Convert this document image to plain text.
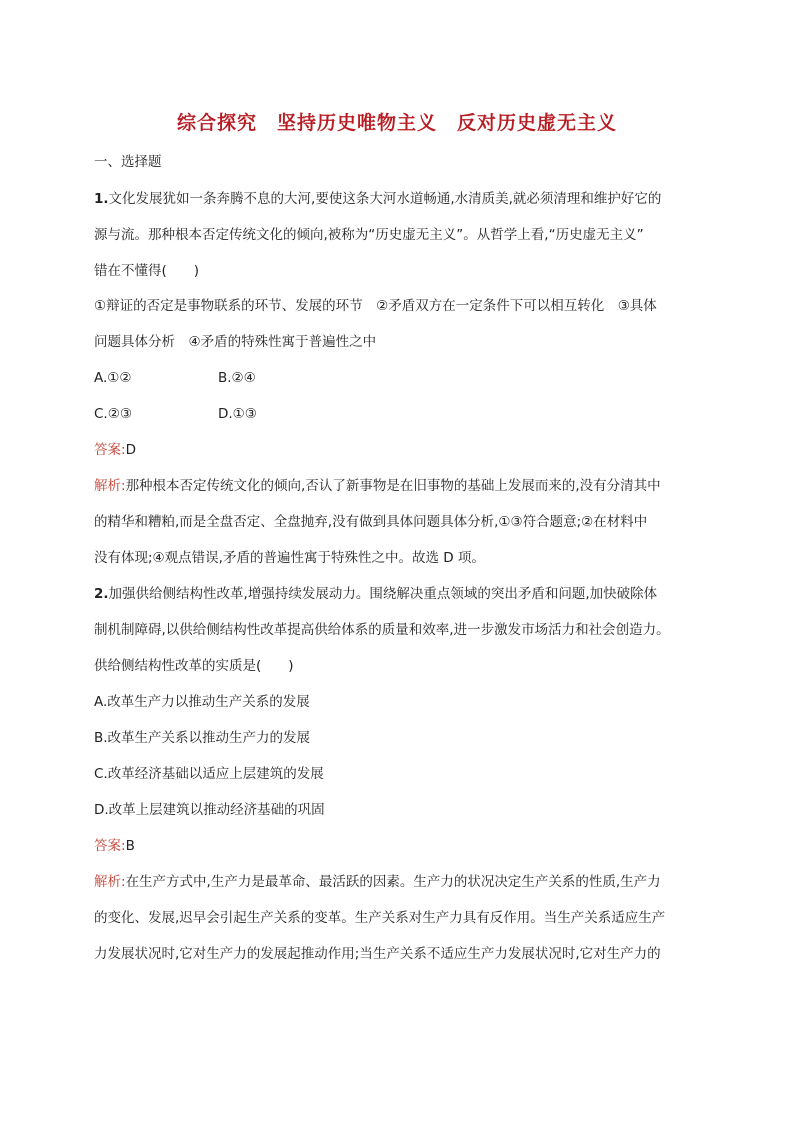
综合探究　坚持历史唯物主义　反对历史虚无主义
一、选择题
1.文化发展犹如一条奔腾不息的大河,要使这条大河水道畅通,水清质美,就必须清理和维护好它的
源与流。那种根本否定传统文化的倾向,被称为“历史虚无主义”。从哲学上看,“历史虚无主义”
错在不懂得(　　)
①辩证的否定是事物联系的环节、发展的环节　②矛盾双方在一定条件下可以相互转化　③具体
问题具体分析　④矛盾的特殊性寓于普遍性之中
A.①②	B.②④
C.②③	D.①③
答案:D
解析:那种根本否定传统文化的倾向,否认了新事物是在旧事物的基础上发展而来的,没有分清其中
的精华和糟粕,而是全盘否定、全盘抛弃,没有做到具体问题具体分析,①③符合题意;②在材料中
没有体现;④观点错误,矛盾的普遍性寓于特殊性之中。故选 D 项。
2.加强供给侧结构性改革,增强持续发展动力。围绕解决重点领域的突出矛盾和问题,加快破除体
制机制障碍,以供给侧结构性改革提高供给体系的质量和效率,进一步激发市场活力和社会创造力。
供给侧结构性改革的实质是(　　)
A.改革生产力以推动生产关系的发展
B.改革生产关系以推动生产力的发展
C.改革经济基础以适应上层建筑的发展
D.改革上层建筑以推动经济基础的巩固
答案:B
解析:在生产方式中,生产力是最革命、最活跃的因素。生产力的状况决定生产关系的性质,生产力
的变化、发展,迟早会引起生产关系的变革。生产关系对生产力具有反作用。当生产关系适应生产
力发展状况时,它对生产力的发展起推动作用;当生产关系不适应生产力发展状况时,它对生产力的
